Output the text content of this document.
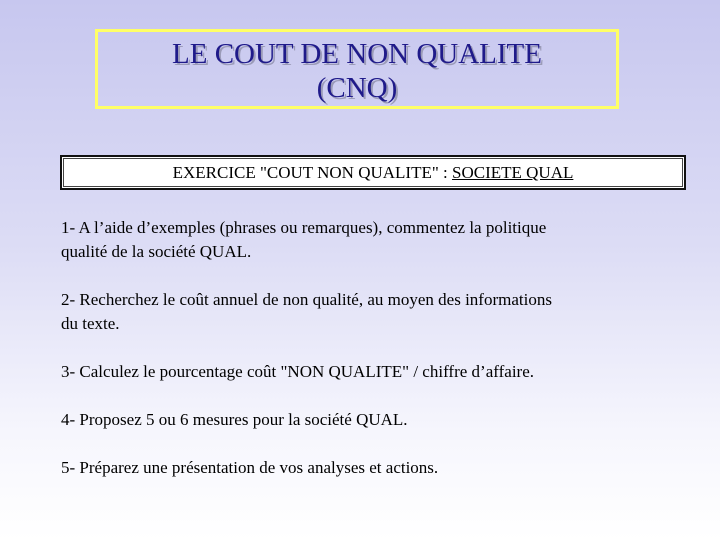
LE COUT DE NON QUALITE
(CNQ)
EXERCICE "COUT NON QUALITE" : SOCIETE QUAL
1- A l’aide d’exemples (phrases ou remarques), commentez la politique
qualité de la société QUAL.
2- Recherchez le coût annuel de non qualité, au moyen des informations
du texte.
3- Calculez le pourcentage coût "NON QUALITE" / chiffre d’affaire.
4- Proposez 5 ou 6 mesures pour la société QUAL.
5- Préparez une présentation de vos analyses et actions.
